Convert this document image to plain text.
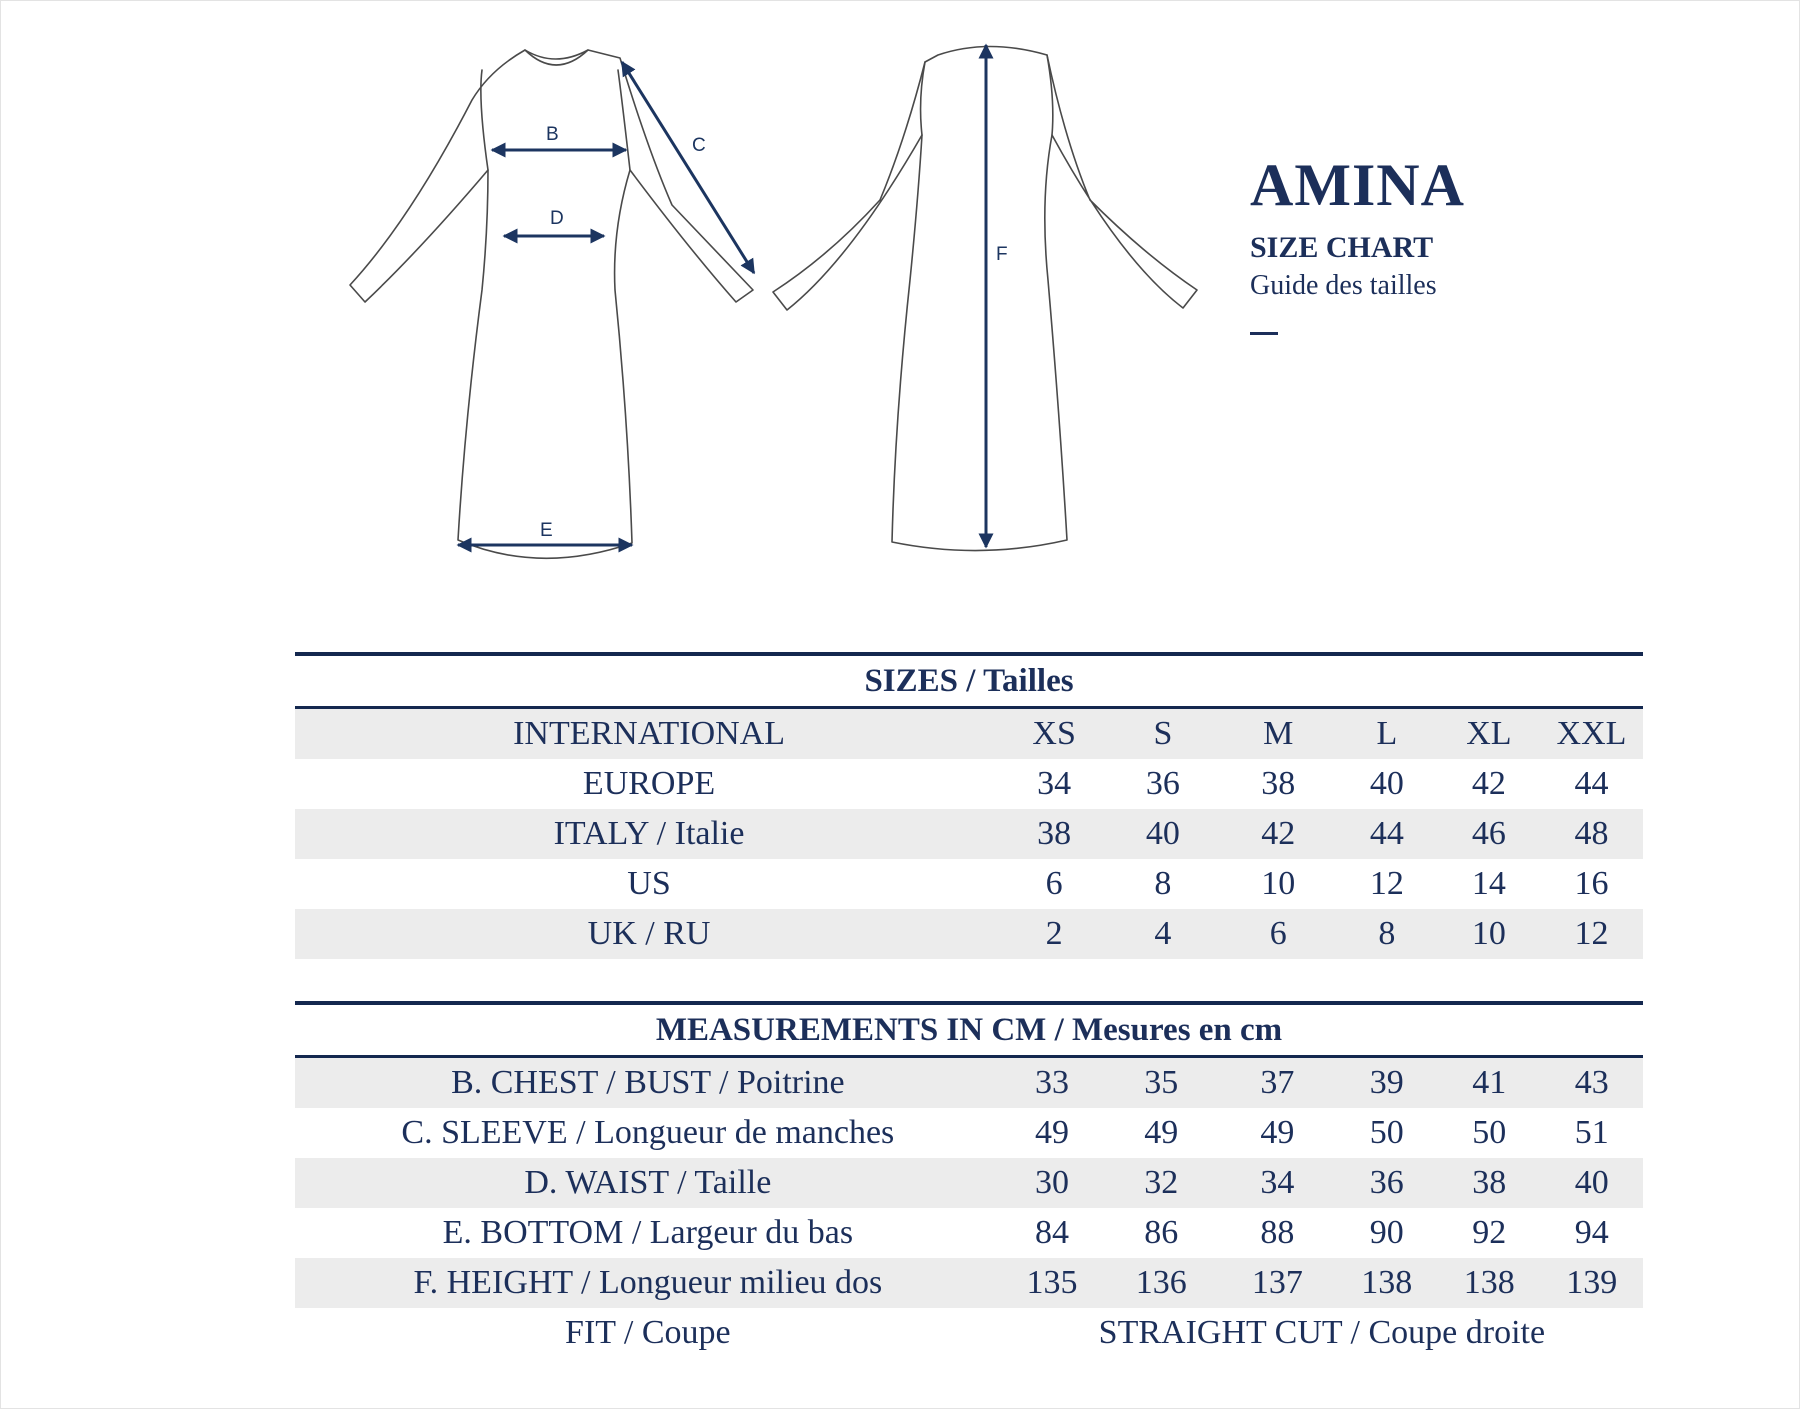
B
C
D
E
F
AMINA
SIZE CHART
Guide des tailles
SIZES / Tailles						
INTERNATIONAL	XS	S	M	L	XL	XXL
EUROPE	34	36	38	40	42	44
ITALY / Italie	38	40	42	44	46	48
US	6	8	10	12	14	16
UK / RU	2	4	6	8	10	12
MEASUREMENTS IN CM / Mesures en cm						
B. CHEST / BUST / Poitrine	33	35	37	39	41	43
C. SLEEVE / Longueur de manches	49	49	49	50	50	51
D. WAIST / Taille	30	32	34	36	38	40
E. BOTTOM / Largeur du bas	84	86	88	90	92	94
F. HEIGHT / Longueur milieu dos	135	136	137	138	138	139
FIT / Coupe	STRAIGHT CUT / Coupe droite					
